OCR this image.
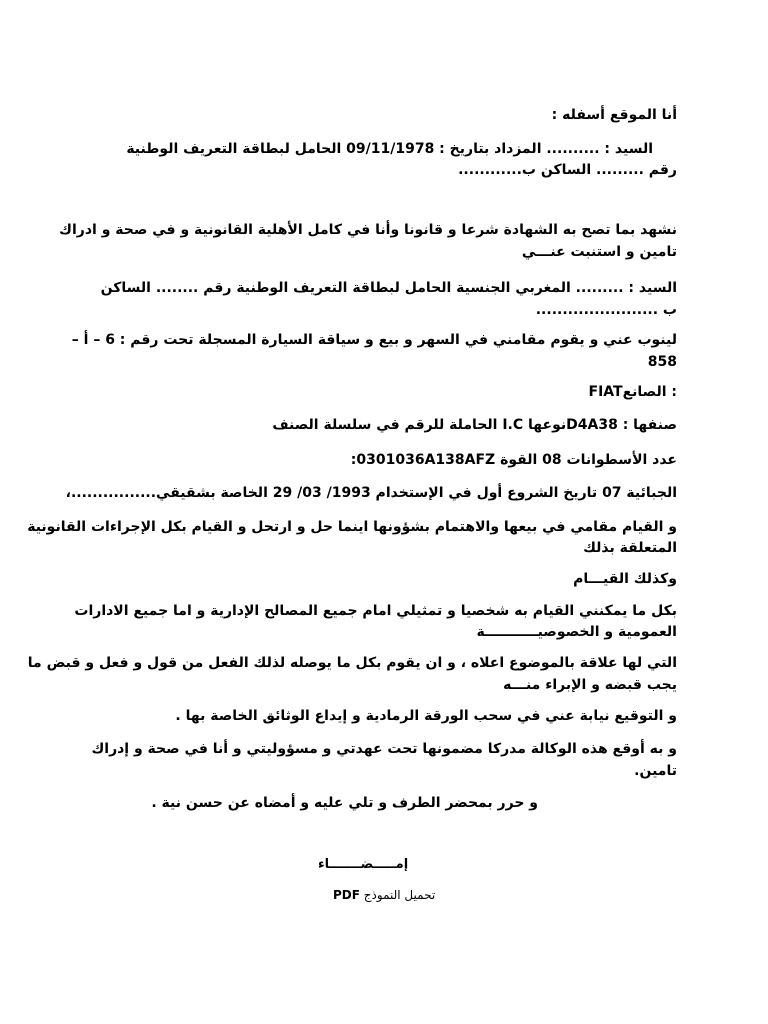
أنا الموقع أسفله :
السيد : .......... المزداد بتاريخ : 09/11/1978 الحامل لبطاقة التعريف الوطنية
رقم ......... الساكن ب............
نشهد بما تصح به الشهادة شرعا و قانونا وأنا في كامل الأهلية القانونية و في صحة و ادراك
تامين و استنبت عنـــي
السيد : ......... المغربي الجنسية الحامل لبطاقة التعريف الوطنية رقم ........ الساكن
ب .......................
لينوب عني و يقوم مقامني في السهر و بيع و سياقة السيارة المسجلة تحت رقم : 6 – أ –
858
FIATالصانع :
صنفها : D4A38نوعها I.C الحاملة للرقم في سلسلة الصنف
:0301036A138AFZ عدد الأسطوانات 08 القوة
الجبائية 07 تاريخ الشروع أول في الإستخدام 1993/ 03/ 29 الخاصة بشقيقي................،
و القيام مقامي في بيعها والاهتمام بشؤونها اينما حل و ارتحل و القيام بكل الإجراءات القانونية
المتعلقة بذلك
وكذلك القيـــام
بكل ما يمكنني القيام به شخصيا و تمثيلي امام جميع المصالح الإدارية و اما جميع الادارات
العمومية و الخصوصيـــــــــــة
التي لها علاقة بالموضوع اعلاه ، و ان يقوم بكل ما يوصله لذلك الفعل من قول و فعل و قبض ما
يجب قبضه و الإبراء منـــه
و التوقيع نيابة عني في سحب الورقة الرمادية و إيداع الوثائق الخاصة بها .
و به أوقع هذه الوكالة مدركا مضمونها تحت عهدتي و مسؤوليتي و أنا في صحة و إدراك
تامين.
و حرر بمحضر الطرف و تلي عليه و أمضاه عن حسن نية .
إمـــــضـــــــاء
تحميل النموذج PDF
